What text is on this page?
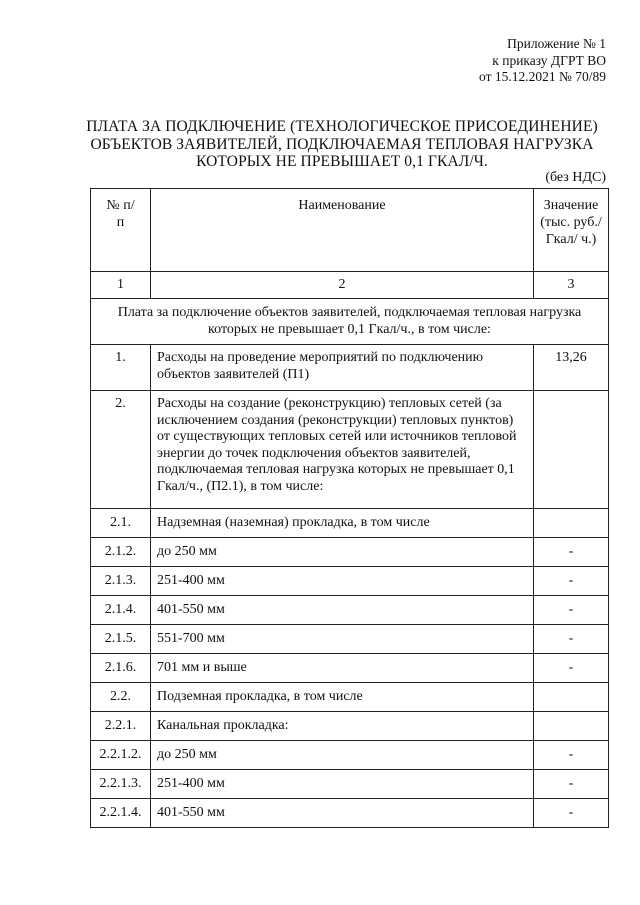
Приложение № 1
к приказу ДГРТ ВО
от 15.12.2021 № 70/89
ПЛАТА ЗА ПОДКЛЮЧЕНИЕ (ТЕХНОЛОГИЧЕСКОЕ ПРИСОЕДИНЕНИЕ)
ОБЪЕКТОВ ЗАЯВИТЕЛЕЙ, ПОДКЛЮЧАЕМАЯ ТЕПЛОВАЯ НАГРУЗКА
КОТОРЫХ НЕ ПРЕВЫШАЕТ 0,1 ГКАЛ/Ч.
(без НДС)
№ п/п	Наименование	Значение (тыс. руб./Гкал/ ч.)

1	2	3
Плата за подключение объектов заявителей, подключаемая тепловая нагрузка которых не превышает 0,1 Гкал/ч., в том числе:		
1.	Расходы на проведение мероприятий по подключению объектов заявителей (П1)	13,26
2.	Расходы на создание (реконструкцию) тепловых сетей (за исключением создания (реконструкции) тепловых пунктов) от существующих тепловых сетей или источников тепловой энергии до точек подключения объектов заявителей, подключаемая тепловая нагрузка которых не превышает 0,1 Гкал/ч., (П2.1), в том числе:	
2.1.	Надземная (наземная) прокладка, в том числе	
2.1.2.	до 250 мм	-
2.1.3.	251-400 мм	-
2.1.4.	401-550 мм	-
2.1.5.	551-700 мм	-
2.1.6.	701 мм и выше	-
2.2.	Подземная прокладка, в том числе	
2.2.1.	Канальная прокладка:	
2.2.1.2.	до 250 мм	-
2.2.1.3.	251-400 мм	-
2.2.1.4.	401-550 мм	-
